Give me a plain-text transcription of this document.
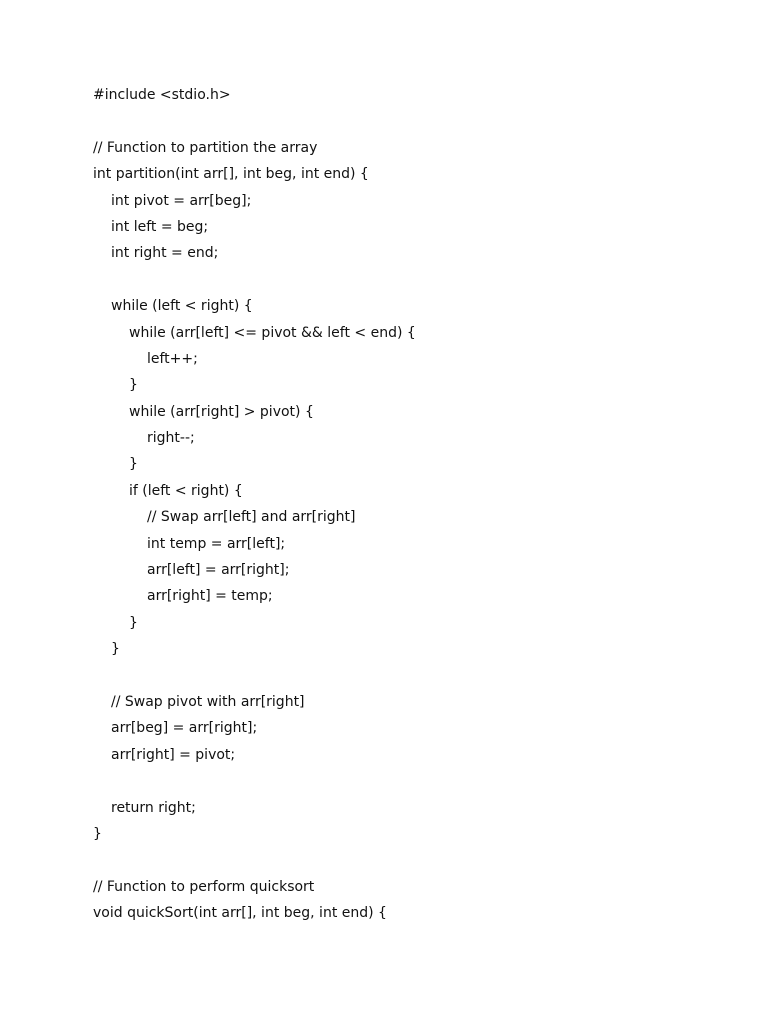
#include <stdio.h>
// Function to partition the array
int partition(int arr[], int beg, int end) {
int pivot = arr[beg];
int left = beg;
int right = end;
while (left < right) {
while (arr[left] <= pivot && left < end) {
left++;
}
while (arr[right] > pivot) {
right--;
}
if (left < right) {
// Swap arr[left] and arr[right]
int temp = arr[left];
arr[left] = arr[right];
arr[right] = temp;
}
}
// Swap pivot with arr[right]
arr[beg] = arr[right];
arr[right] = pivot;
return right;
}
// Function to perform quicksort
void quickSort(int arr[], int beg, int end) {
